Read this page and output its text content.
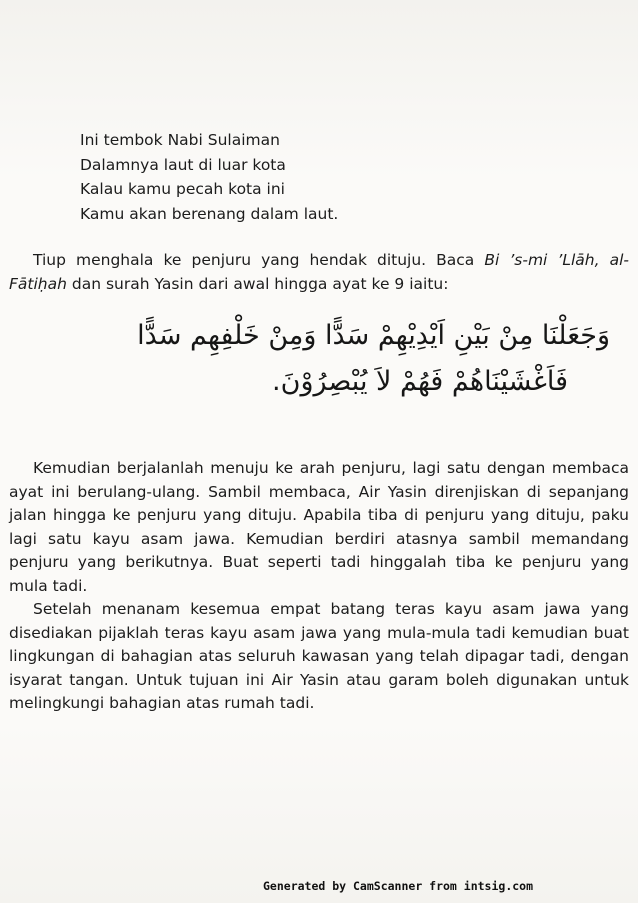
Ini tembok Nabi Sulaiman
Dalamnya laut di luar kota
Kalau kamu pecah kota ini
Kamu akan berenang dalam laut.
Tiup menghala ke penjuru yang hendak dituju. Baca Bi ’s-mi ’Llāh, al-Fātiḥah dan surah Yasin dari awal hingga ayat ke 9 iaitu:
وَجَعَلْنَا مِنْ بَيْنِ اَيْدِيْهِمْ سَدًّا وَمِنْ خَلْفِهِم سَدًّا
فَاَغْشَيْنَاهُمْ فَهُمْ لاَ يُبْصِرُوْنَ.
Kemudian berjalanlah menuju ke arah penjuru, lagi satu dengan membaca ayat ini berulang-ulang. Sambil membaca, Air Yasin direnjiskan di sepanjang jalan hingga ke penjuru yang dituju. Apabila tiba di penjuru yang dituju, paku lagi satu kayu asam jawa. Kemudian berdiri atasnya sambil memandang penjuru yang berikutnya. Buat seperti tadi hinggalah tiba ke penjuru yang mula tadi.
Setelah menanam kesemua empat batang teras kayu asam jawa yang disediakan pijaklah teras kayu asam jawa yang mula-mula tadi kemudian buat lingkungan di bahagian atas seluruh kawasan yang telah dipagar tadi, dengan isyarat tangan. Untuk tujuan ini Air Yasin atau garam boleh digunakan untuk melingkungi bahagian atas rumah tadi.
Generated by CamScanner from intsig.com
